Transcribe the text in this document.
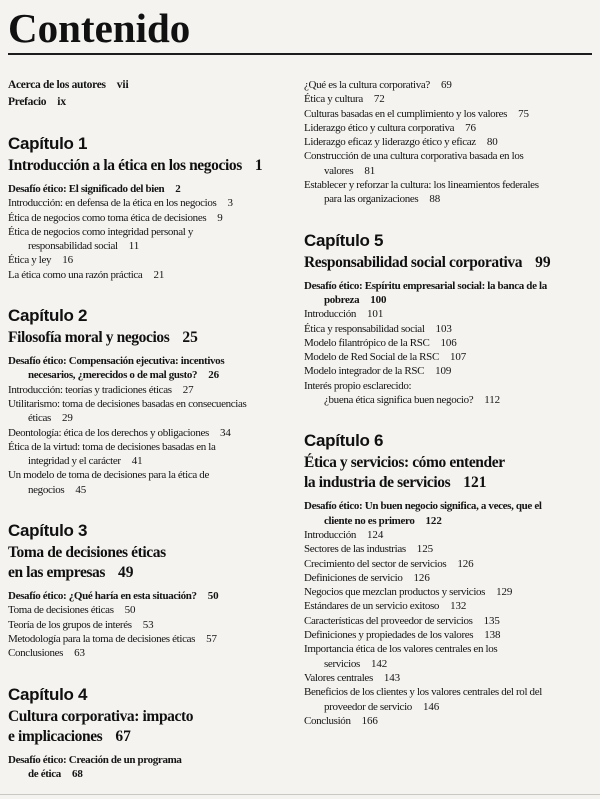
Contenido
Acerca de los autores vii
Prefacio ix
Capítulo 1
Introducción a la ética en los negocios 1
Desafío ético: El significado del bien 2
Introducción: en defensa de la ética en los negocios 3
Ética de negocios como toma ética de decisiones 9
Ética de negocios como integridad personal y
responsabilidad social 11
Ética y ley 16
La ética como una razón práctica 21
Capítulo 2
Filosofía moral y negocios 25
Desafío ético: Compensación ejecutiva: incentivos
necesarios, ¿merecidos o de mal gusto? 26
Introducción: teorías y tradiciones éticas 27
Utilitarismo: toma de decisiones basadas en consecuencias
éticas 29
Deontología: ética de los derechos y obligaciones 34
Ética de la virtud: toma de decisiones basadas en la
integridad y el carácter 41
Un modelo de toma de decisiones para la ética de
negocios 45
Capítulo 3
Toma de decisiones éticas
en las empresas 49
Desafío ético: ¿Qué haría en esta situación? 50
Toma de decisiones éticas 50
Teoría de los grupos de interés 53
Metodología para la toma de decisiones éticas 57
Conclusiones 63
Capítulo 4
Cultura corporativa: impacto
e implicaciones 67
Desafío ético: Creación de un programa
de ética 68
¿Qué es la cultura corporativa? 69
Ética y cultura 72
Culturas basadas en el cumplimiento y los valores 75
Liderazgo ético y cultura corporativa 76
Liderazgo eficaz y liderazgo ético y eficaz 80
Construcción de una cultura corporativa basada en los
valores 81
Establecer y reforzar la cultura: los lineamientos federales
para las organizaciones 88
Capítulo 5
Responsabilidad social corporativa 99
Desafío ético: Espíritu empresarial social: la banca de la
pobreza 100
Introducción 101
Ética y responsabilidad social 103
Modelo filantrópico de la RSC 106
Modelo de Red Social de la RSC 107
Modelo integrador de la RSC 109
Interés propio esclarecido:
¿buena ética significa buen negocio? 112
Capítulo 6
Ética y servicios: cómo entender
la industria de servicios 121
Desafío ético: Un buen negocio significa, a veces, que el
cliente no es primero 122
Introducción 124
Sectores de las industrias 125
Crecimiento del sector de servicios 126
Definiciones de servicio 126
Negocios que mezclan productos y servicios 129
Estándares de un servicio exitoso 132
Características del proveedor de servicios 135
Definiciones y propiedades de los valores 138
Importancia ética de los valores centrales en los
servicios 142
Valores centrales 143
Beneficios de los clientes y los valores centrales del rol del
proveedor de servicio 146
Conclusión 166
